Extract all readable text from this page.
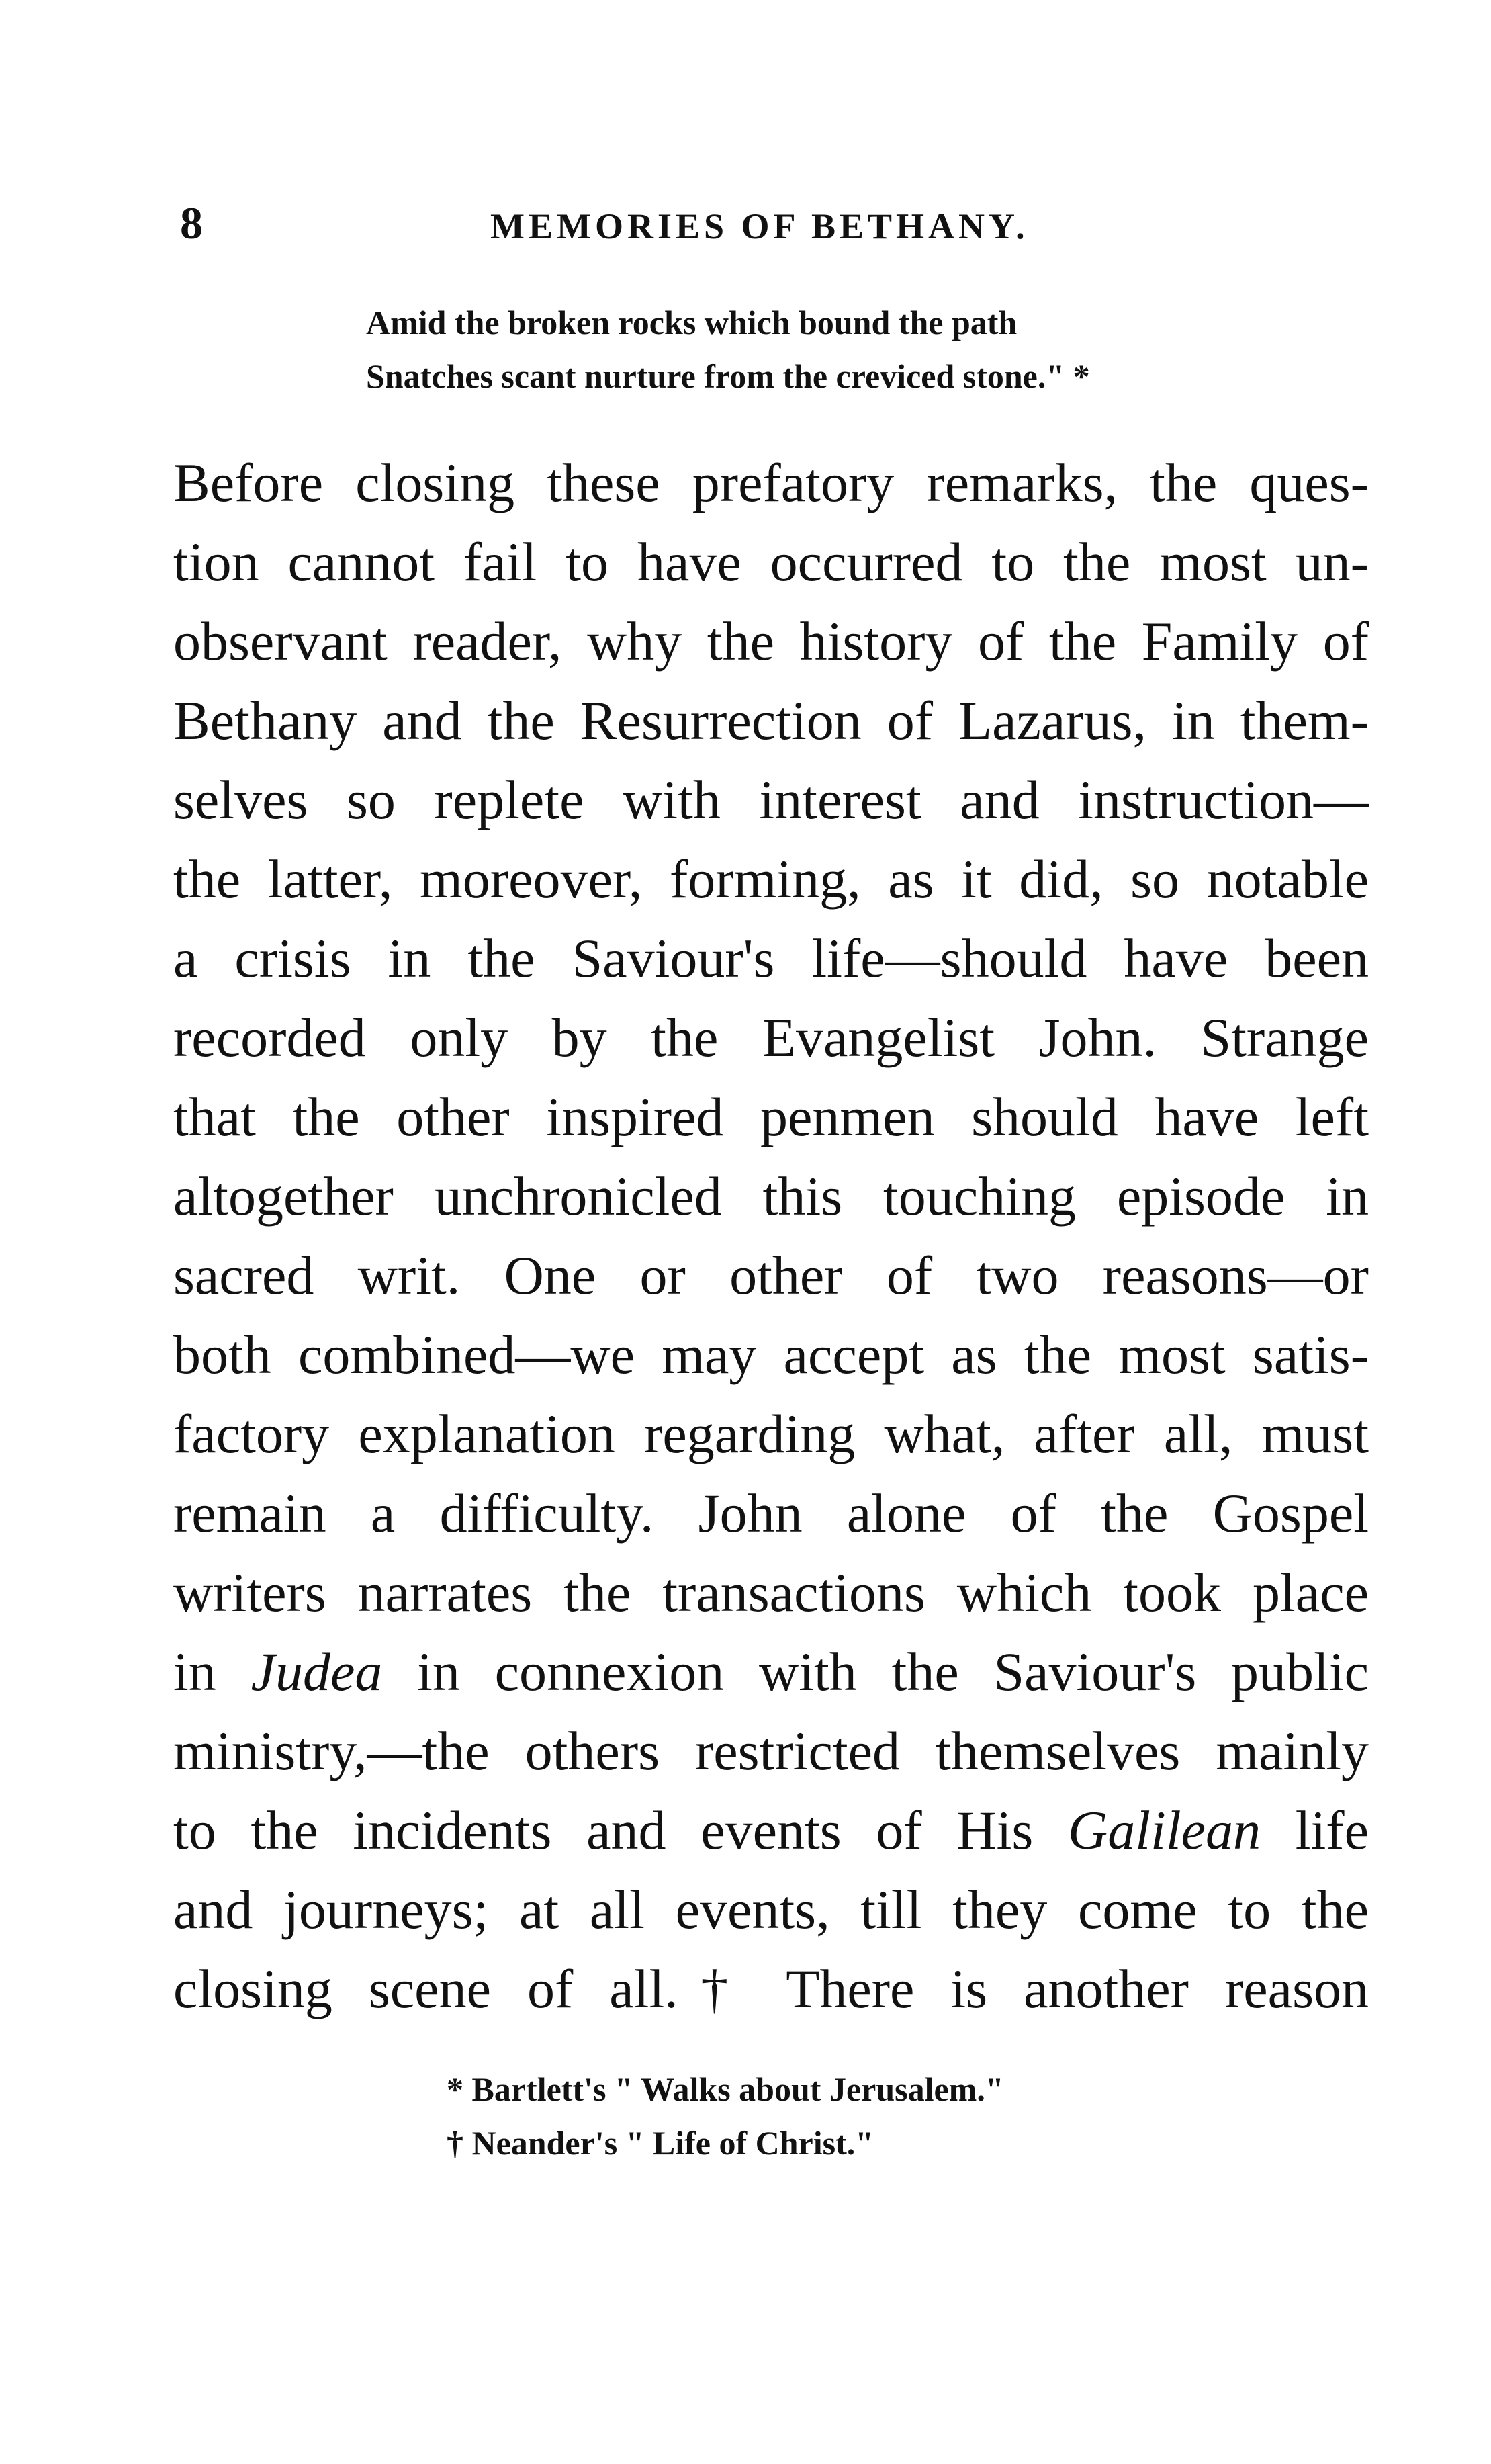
8	MEMORIES OF BETHANY.
Amid the broken rocks which bound the path
Snatches scant nurture from the creviced stone." *
Before closing these prefatory remarks, the ques-
tion cannot fail to have occurred to the most un-
observant reader, why the history of the Family of
Bethany and the Resurrection of Lazarus, in them-
selves so replete with interest and instruction—
the latter, moreover, forming, as it did, so notable
a crisis in the Saviour's life—should have been
recorded only by the Evangelist John. Strange
that the other inspired penmen should have left
altogether unchronicled this touching episode in
sacred writ. One or other of two reasons—or
both combined—we may accept as the most satis-
factory explanation regarding what, after all, must
remain a difficulty. John alone of the Gospel
writers narrates the transactions which took place
in Judea in connexion with the Saviour's public
ministry,—the others restricted themselves mainly
to the incidents and events of His Galilean life
and journeys; at all events, till they come to the
closing scene of all.† There is another reason
* Bartlett's " Walks about Jerusalem."
† Neander's " Life of Christ."
